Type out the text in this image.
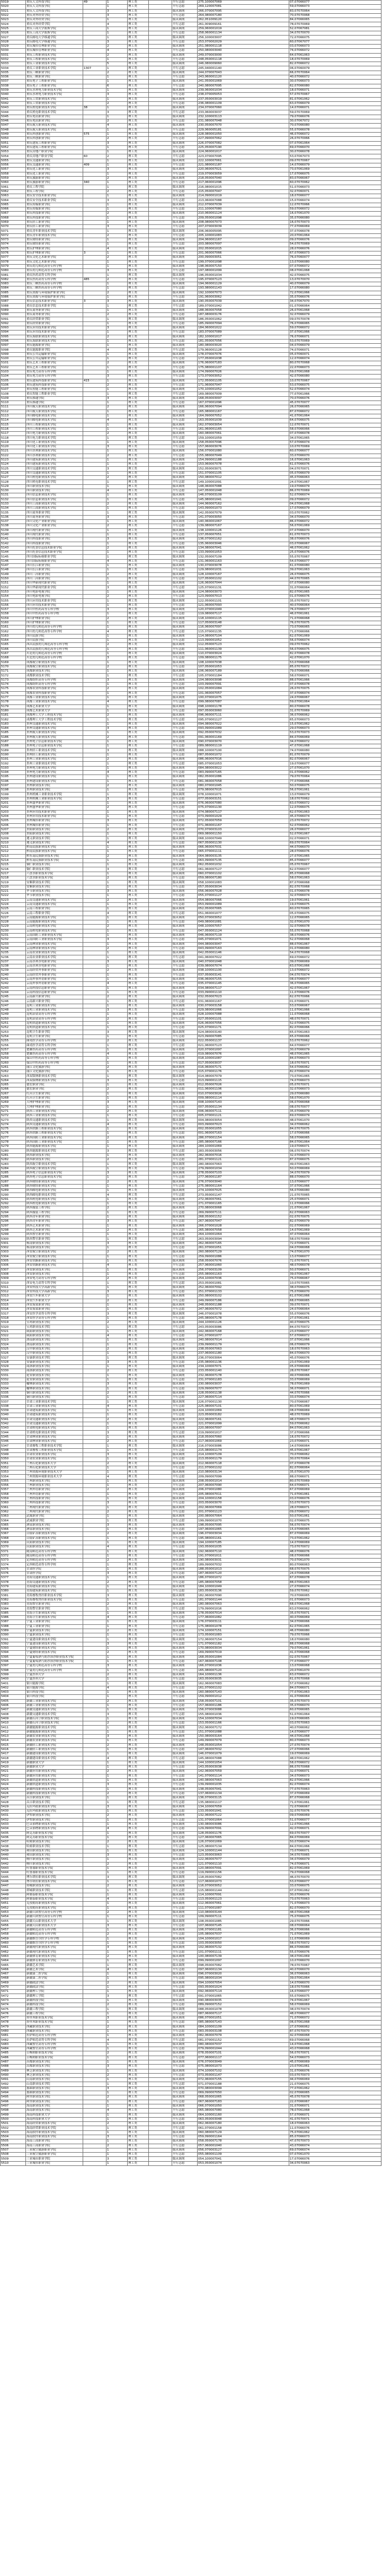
5019	重庆人文科技学院	49	1	理工类		平行志愿	275,100007069	07,07066077
5020	重庆人文科技学院		1	理工类		平行志愿	269,120007081	59,07066073
5021	重庆人文科技学院		3	理工类		服从调剂	266,070007095	83,07070064
5022	重庆对外经贸学院		3	理工类		平行志愿	264,080007180	70,07070068
5023	重庆对外经贸学院		1	理工类		服从调剂	262,051009120	84,07066065
5024	重庆对外经贸学院		4	理工类		平行志愿	261,009009161	78,07070069
5025	重庆工商大学派斯学院		1	理工类		服从调剂	259,060001019	52,07067081
5026	重庆工商大学派斯学院		1	理工类		平行志愿	258,060001134	34,07070070
5027	重庆邮电大学移通学院		1	理工类		服从调剂	256,100003007	72,07066075
5028	重庆邮电大学移通学院		3	理工类		平行志愿	253,070002029	60,07067077
5029	重庆城市管理职业学院		2	理工类		服从调剂	251,080001118	03,07066073
5030	重庆城市管理职业学院		4	理工类		平行志愿	250,080003040	74,07066072
5031	重庆工程职业技术学院		2	理工类		服从调剂	249,070003000	64,07061063
5032	重庆工程职业技术学院		1	理工类		平行志愿	248,050001118	18,07070069
5033	重庆工业职业技术学院		5	理工类		服从调剂	246,080009060	82,07066072
5034	重庆工业职业技术学院	1307	1	理工类		平行志愿	245,040001140	06,07060079
5035	重庆三峡职业学院		2	理工类		服从调剂	244,070007043	66,07070064
5036	重庆三峡职业学院		1	理工类		平行志愿	243,060001120	40,07066072
5037	重庆电子工程职业学院		1	理工类		服从调剂	241,050001069	30,07066073
5038	重庆电子工程职业学院		6	理工类		平行志愿	240,080007095	62,07066080
5039	重庆水利电力职业技术学院		1	理工类		服从调剂	239,060001034	18,07066071
5040	重庆水利电力职业技术学院		3	理工类		平行志愿	238,070005053	57,07070067
5041	重庆工贸职业技术学院		1	理工类		服从调剂	237,050003019	81,07061062
5042	重庆工贸职业技术学院		2	理工类		平行志愿	236,080001109	63,07066079
5043	重庆机电职业技术学院	38	1	理工类		服从调剂	234,070007060	14,07066071
5044	重庆机电职业技术学院		3	理工类		平行志愿	233,060003037	59,07070069
5045	重庆电讯职业学院		1	理工类		服从调剂	232,100003113	79,07066076
5046	重庆电讯职业学院		2	理工类		平行志愿	231,080007048	30,07067072
5047	重庆航天职业技术学院		4	理工类		服从调剂	230,050007070	70,07066080
5048	重庆航天职业技术学院		1	理工类		平行志愿	229,060005181	55,07066078
5049	重庆科创职业学院	575	1	理工类		服从调剂	228,080001050	46,07066072
5050	重庆科创职业学院		2	理工类		平行志愿	227,090007062	26,07070066
5051	重庆建筑工程职业学院		3	理工类		服从调剂	226,070007082	07,07061064
5052	重庆建筑工程职业学院		1	理工类		平行志愿	225,050007190	69,07066070
5053	重庆房地产职业学院		1	理工类		服从调剂	224,060001017	30,07066078
5054	重庆房地产职业学院	60	2	理工类		平行志愿	223,070007095	53,07067073
5055	重庆交通职业学院		1	理工类		服从调剂	222,100007061	09,07070067
5056	重庆交通职业学院	409	1	理工类		平行志愿	221,080001187	14,07066079
5057	重庆化工职业学院		3	理工类		服从调剂	220,060007021	73,07061069
5058	重庆化工职业学院		1	理工类		平行志愿	219,070003059	17,07066075
5059	重庆旅游职业学院		2	理工类		服从调剂	218,050007040	83,07066067
5060	重庆旅游职业学院	340	1	理工类		平行志愿	217,060001096	60,07070062
5061	重庆工程学院		1	理工类		服从调剂	216,080001015	51,07066073
5062	重庆工程学院		2	理工类		平行志愿	215,050007047	32,07060071
5063	重庆安全技术职业学院		1	理工类		服从调剂	214,090001019	18,07066077
5064	重庆安全技术职业学院		3	理工类		平行志愿	213,060007088	15,07066074
5065	重庆传媒职业学院		1	理工类		服从调剂	212,070007039	12,07070066
5066	重庆传媒职业学院		1	理工类		平行志愿	211,100007080	59,07066072
5067	重庆科技职业学院		2	理工类		服从调剂	210,060001124	16,07061070
5068	重庆科技职业学院		1	理工类		平行志愿	209,050001098	35,07066080
5069	重庆轻工职业学院		1	理工类		服从调剂	208,080007073	16,07070073
5070	重庆轻工职业学院		3	理工类		平行志愿	207,070003039	77,07066069
5071	重庆青年职业技术学院		1	理工类		服从调剂	206,060005095	37,07066078
5072	重庆青年职业技术学院		2	理工类		平行志愿	205,100001083	20,07061064
5073	重庆财经职业学院		1	理工类		服从调剂	204,060001167	09,07066076
5074	重庆财经职业学院		1	理工类		平行志愿	203,080007097	54,07070069
5075	重庆护理职业学院		4	理工类		服从调剂	202,050001015	28,07066076
5076	重庆护理职业学院	3	1	理工类		平行志愿	201,060007066	67,07066073
5077	重庆文化艺术职业学院		2	理工类		服从调剂	200,090003051	76,07060077
5078	重庆文化艺术职业学院		1	理工类		平行志愿	199,070001098	13,07066080
5079	重庆幼儿师范高等专科学校		1	理工类		服从调剂	198,060007150	07,07066072
5080	重庆幼儿师范高等专科学校		3	理工类		平行志愿	197,080001099	08,07061068
5081	重庆医药高等专科学校		1	理工类		服从调剂	196,050001034	42,07066075
5082	重庆医药高等专科学校	485	2	理工类		平行志愿	195,070007123	13,07070070
5083	重庆三峡医药高等专科学校		1	理工类		服从调剂	194,060001129	40,07066079
5084	重庆三峡医药高等专科学校		1	理工类		平行志愿	193,080001143	17,07066080
5085	重庆资源与环境保护职业学院		2	理工类		服从调剂	192,100007073	72,07061066
5086	重庆资源与环境保护职业学院		1	理工类		平行志愿	191,060003062	35,07066076
5087	重庆信息技术职业学院	3	3	理工类		服从调剂	190,050007039	34,07067070
5088	重庆信息技术职业学院		1	理工类		平行志愿	189,070001042	01,07066064
5089	重庆商务职业学院		1	理工类		服从调剂	188,060007058	26,07061068
5090	重庆商务职业学院		2	理工类		平行志愿	187,080003176	32,07066079
5091	重庆经贸职业学院		1	理工类		服从调剂	186,050001062	09,07070078
5092	重庆经贸职业学院		1	理工类		平行志愿	185,090007094	76,07066065
5093	重庆应用技术职业学院		3	理工类		服从调剂	184,060001022	59,07066072
5094	重庆应用技术职业学院		1	理工类		平行志愿	183,070007089	37,07061066
5095	重庆海联职业技术学院		2	理工类		服从调剂	182,100001017	76,07066071
5096	重庆海联职业技术学院		1	理工类		平行志愿	181,050007056	53,07070069
5097	重庆能源职业学院		1	理工类		服从调剂	180,080003020	04,07066079
5098	重庆能源职业学院		4	理工类		平行志愿	179,060001128	74,07066071
5099	重庆公共运输职业学院		1	理工类		服从调剂	178,070007076	05,07060071
5100	重庆公共运输职业学院		1	理工类		平行志愿	177,050001038	12,07066074
5101	重庆艺术工程职业学院		2	理工类		服从调剂	176,060007183	80,07070068
5102	重庆艺术工程职业学院		1	理工类		平行志愿	175,080001107	22,07066073
5103	重庆电力高等专科学校		1	理工类		服从调剂	174,090007026	59,07061068
5104	重庆电力高等专科学校		3	理工类		平行志愿	173,070003052	42,07066080
5105	重庆建筑科技职业学院	415	1	理工类		服从调剂	172,050001105	10,07070067
5106	重庆建筑科技职业学院		2	理工类		平行志愿	171,060007047	53,07066075
5107	重庆智能工程职业学院		1	理工类		服从调剂	170,100001052	52,07066074
5108	重庆智能工程职业学院		1	理工类		平行志愿	169,080007009	77,07061066
5109	重庆移通学院		3	理工类		服从调剂	168,050003097	70,07066076
5110	重庆移通学院		1	理工类		平行志愿	167,070001096	45,07070077
5111	四川航天职业技术学院		2	理工类		服从调剂	166,060007094	26,07066065
5112	四川航天职业技术学院		1	理工类		平行志愿	165,080001167	87,07066072
5113	四川邮电职业技术学院		1	理工类		服从调剂	164,090007052	41,07061064
5114	四川邮电职业技术学院		4	理工类		平行志愿	163,050001039	64,07066075
5115	四川工程职业技术学院		1	理工类		服从调剂	162,070003054	12,07070071
5116	四川工程职业技术学院		1	理工类		平行志愿	161,060001165	58,07066066
5117	四川电力职业技术学院		2	理工类		服从调剂	160,080007061	07,07066078
5118	四川电力职业技术学院		1	理工类		平行志愿	159,100001059	34,07061065
5119	四川化工职业技术学院		1	理工类		服从调剂	158,050007096	57,07066074
5120	四川化工职业技术学院		3	理工类		平行志愿	157,060003076	10,07070069
5121	四川水利职业技术学院		1	理工类		服从调剂	156,070001080	60,07066077
5122	四川水利职业技术学院		2	理工类		平行志愿	155,080007049	33,07066070
5123	四川建筑职业技术学院		1	理工类		服从调剂	154,090001188	16,07061063
5124	四川建筑职业技术学院		1	理工类		平行志愿	153,060007078	61,07066076
5125	四川交通职业技术学院		3	理工类		服从调剂	152,050003071	04,07070071
5126	四川交通职业技术学院		1	理工类		平行志愿	151,070001105	05,07066079
5127	四川机电职业技术学院		2	理工类		服从调剂	150,080007012	45,07066063
5128	四川机电职业技术学院		1	理工类		平行志愿	149,100001091	24,07061067
5129	四川职业技术学院		1	理工类		服从调剂	148,060007088	19,07066079
5130	四川职业技术学院		4	理工类		平行志愿	147,050001048	86,07070069
5131	四川信息职业技术学院		1	理工类		服从调剂	146,070003109	52,07066074
5132	四川信息职业技术学院		1	理工类		平行志愿	145,080001041	09,07066072
5133	四川工商职业技术学院		2	理工类		服从调剂	144,060007162	04,07061068
5134	四川工商职业技术学院		1	理工类		平行志愿	143,090001073	17,07066079
5135	四川商务职业学院		1	理工类		服从调剂	142,050007079	03,07070062
5136	四川商务职业学院		3	理工类		平行志愿	141,070003050	34,07066070
5137	四川文化产业职业学院		1	理工类		服从调剂	140,060001067	86,07066072
5138	四川文化产业职业学院		2	理工类		平行志愿	139,080007167	56,07061069
5139	四川现代职业学院		1	理工类		服从调剂	138,100001126	07,07066070
5140	四川现代职业学院		1	理工类		平行志愿	137,050007051	61,07070073
5141	四川科技职业学院		3	理工类		服从调剂	136,070001162	38,07066076
5142	四川科技职业学院		1	理工类		平行志愿	135,060003046	03,07066067
5143	四川托普信息技术职业学院		2	理工类		服从调剂	134,080007041	46,07061062
5144	四川托普信息技术职业学院		1	理工类		平行志愿	133,090001053	25,07066076
5145	四川国际标榜职业学院		1	理工类		服从调剂	132,050007109	55,07070067
5146	四川国际标榜职业学院		4	理工类		平行志愿	131,060001163	54,07066077
5147	四川长江职业学院		1	理工类		服从调剂	130,070003078	61,07066080
5148	四川长江职业学院		1	理工类		平行志愿	129,080001031	39,07061063
5149	四川三河职业学院		2	理工类		服从调剂	128,100007167	26,07066075
5150	四川三河职业学院		1	理工类		平行志愿	127,050001102	44,07070065
5151	四川华新现代职业学院		1	理工类		服从调剂	126,060007044	07,07066080
5152	四川华新现代职业学院		3	理工类		平行志愿	125,070001131	31,07066064
5153	四川电影电视学院		1	理工类		服从调剂	124,080003073	82,07061065
5154	四川电影电视学院		2	理工类		平行志愿	123,090007013	01,07066076
5155	四川应用技术职业学院		1	理工类		服从调剂	122,050001101	35,07070072
5156	四川应用技术职业学院		1	理工类		平行志愿	121,060007093	40,07066064
5157	四川中医药高等专科学校		3	理工类		服从调剂	120,070001049	76,07066077
5158	四川中医药高等专科学校		1	理工类		平行志愿	119,080007117	46,07061061
5159	四川护理职业学院		2	理工类		服从调剂	118,100001115	71,07066068
5160	四川护理职业学院		1	理工类		平行志愿	117,050003148	76,07070075
5161	四川幼儿师范高等专科学校		1	理工类		服从调剂	116,060007097	73,07066065
5162	四川幼儿师范高等专科学校		4	理工类		平行志愿	115,070001135	71,07066066
5163	四川民族学院		1	理工类		服从调剂	114,080007104	62,07061069
5164	四川民族学院		1	理工类		平行志愿	113,090001052	56,07066074
5165	西昌民族幼儿师范高等专科学校		2	理工类		服从调剂	112,050007123	09,07070062
5166	西昌民族幼儿师范高等专科学校		1	理工类		平行志愿	111,060001139	56,07066075
5167	川北幼儿师范高等专科学校		1	理工类		服从调剂	110,070003024	82,07066078
5168	川北幼儿师范高等专科学校		3	理工类		平行志愿	109,080001175	42,07061070
5169	成都航空职业技术学院		1	理工类		服从调剂	108,100007038	53,07066068
5170	成都航空职业技术学院		2	理工类		平行志愿	107,050001053	85,07070072
5171	成都职业技术学院		1	理工类		服从调剂	106,060007189	79,07066066
5172	成都职业技术学院		1	理工类		平行志愿	105,070001184	58,07066071
5173	成都纺织高等专科学校		3	理工类		服从调剂	104,080003098	88,07061066
5174	成都纺织高等专科学校		1	理工类		平行志愿	103,090007091	07,07066078
5175	成都农业科技职业学院		2	理工类		服从调剂	102,050001084	26,07070075
5176	成都农业科技职业学院		1	理工类		平行志愿	101,060007057	37,07066074
5177	成都工业职业技术学院		1	理工类		服从调剂	100,070001075	24,07066067
5178	成都工业职业技术学院		4	理工类		平行志愿	099,080007087	59,07061064
5179	成都艺术职业大学		1	理工类		服从调剂	098,100001178	80,07066078
5180	成都艺术职业大学		1	理工类		平行志愿	097,050003060	31,07070069
5181	成都理工大学工程技术学院		2	理工类		服从调剂	096,060007111	36,07066062
5182	成都理工大学工程技术学院		1	理工类		平行志愿	095,070001127	65,07066073
5183	贵州交通职业技术学院		1	理工类		服从调剂	094,080007022	15,07061062
5184	贵州交通职业技术学院		3	理工类		平行志愿	093,090001089	29,07066073
5185	贵州航天职业技术学院		1	理工类		服从调剂	092,050007032	53,07070073
5186	贵州航天职业技术学院		2	理工类		平行志愿	091,060001169	84,07066069
5187	贵州电子信息职业技术学院		1	理工类		服从调剂	090,070003070	34,07066072
5188	贵州电子信息职业技术学院		1	理工类		平行志愿	089,080001119	47,07061068
5189	贵州轻工职业技术学院		3	理工类		服从调剂	088,100007100	74,07066080
5190	贵州轻工职业技术学院		1	理工类		平行志愿	087,050001072	81,07070079
5191	贵州工业职业技术学院		2	理工类		服从调剂	086,060007016	82,07066067
5192	贵州工业职业技术学院		1	理工类		平行志愿	085,070001053	19,07066077
5193	贵州电力职业技术学院		1	理工类		服从调剂	084,080003022	27,07061070
5194	贵州电力职业技术学院		4	理工类		平行志愿	083,090007165	01,07066062
5195	贵州建设职业技术学院		1	理工类		服从调剂	082,050001086	79,07070064
5196	贵州建设职业技术学院		1	理工类		平行志愿	081,060007058	77,07066066
5197	贵州职业技术学院		2	理工类		服从调剂	080,070001045	50,07066075
5198	贵州职业技术学院		1	理工类		平行志愿	079,080007015	56,07061061
5199	贵州机械工业职业技术学院		1	理工类		服从调剂	078,100001071	13,07066079
5200	贵州机械工业职业技术学院		3	理工类		平行志愿	077,050003151	18,07070062
5201	贵州盛华职业学院		1	理工类		服从调剂	076,060007080	63,07066072
5202	贵州盛华职业学院		2	理工类		平行志愿	075,070001130	12,07066075
5203	贵州应用技术职业学院		1	理工类		服从调剂	074,080007117	62,07061063
5204	贵州应用技术职业学院		1	理工类		平行志愿	073,090001029	45,07066074
5205	贵州城市职业学院		3	理工类		服从调剂	072,050007059	23,07070072
5206	贵州城市职业学院		1	理工类		平行志愿	071,060001167	52,07066062
5207	贵阳职业技术学院		2	理工类		服从调剂	070,070003103	26,07066077
5208	贵阳职业技术学院		1	理工类		平行志愿	069,080001150	52,07061067
5209	遵义职业技术学院		1	理工类		服从调剂	068,100007049	02,07066071
5210	遵义职业技术学院		4	理工类		平行志愿	067,050001130	69,07070064
5211	黔南民族职业技术学院		1	理工类		服从调剂	066,060007031	44,07066070
5212	黔南民族职业技术学院		1	理工类		平行志愿	065,070001111	28,07066076
5213	黔东南民族职业技术学院		2	理工类		服从调剂	064,080003135	27,07061065
5214	黔东南民族职业技术学院		1	理工类		平行志愿	063,090007135	85,07066077
5215	铜仁职业技术学院		1	理工类		服从调剂	062,050001032	05,07070067
5216	铜仁职业技术学院		3	理工类		平行志愿	061,060007127	62,07066077
5217	六盘水职业技术学院		1	理工类		服从调剂	060,070001102	85,07066068
5218	六盘水职业技术学院		2	理工类		平行志愿	059,080007180	58,07061063
5219	安顺职业技术学院		1	理工类		服从调剂	058,100001083	87,07066068
5220	安顺职业技术学院		1	理工类		平行志愿	057,050003034	82,07070068
5221	毕节职业技术学院		3	理工类		服从调剂	056,060007028	01,07066078
5222	毕节职业技术学院		1	理工类		平行志愿	055,070001127	32,07066074
5223	云南交通职业技术学院		2	理工类		服从调剂	054,080007066	19,07061061
5224	云南交通职业技术学院		1	理工类		平行志愿	053,090001089	19,07066075
5225	云南工程职业学院		1	理工类		服从调剂	052,050007065	60,07070065
5226	云南工程职业学院		4	理工类		平行志愿	051,060001077	05,07066075
5227	云南能源职业技术学院		1	理工类		服从调剂	050,070003052	12,07066065
5228	云南能源职业技术学院		1	理工类		平行志愿	049,080001081	32,07061070
5229	云南机电职业技术学院		2	理工类		服从调剂	048,100007057	32,07066078
5230	云南机电职业技术学院		1	理工类		平行志愿	047,050001124	55,07070068
5231	云南国防工业职业技术学院		1	理工类		服从调剂	046,060007119	38,07066076
5232	云南国防工业职业技术学院		3	理工类		平行志愿	045,070001071	52,07066068
5233	云南林业职业技术学院		1	理工类		服从调剂	044,080003047	88,07061067
5234	云南林业职业技术学院		2	理工类		平行志愿	043,090007163	01,07066080
5235	云南农业职业技术学院		1	理工类		服从调剂	042,050001146	54,07070068
5236	云南农业职业技术学院		1	理工类		平行志愿	041,060007022	69,07066072
5237	云南水利水电职业学院		3	理工类		服从调剂	040,070001048	39,07066069
5238	云南水利水电职业学院		1	理工类		平行志愿	039,080007074	63,07061066
5239	云南经贸外事职业学院		2	理工类		服从调剂	038,100001100	13,07066072
5240	云南经贸外事职业学院		1	理工类		平行志愿	037,050003141	04,07070074
5241	云南外事外语职业学院		1	理工类		服从调剂	036,060007155	08,07066077
5242	云南外事外语职业学院		4	理工类		平行志愿	035,070001145	36,07066065
5243	云南科技信息职业学院		1	理工类		服从调剂	034,080007117	42,07061067
5244	云南科技信息职业学院		1	理工类		平行志愿	033,090001110	11,07066076
5245	云南新兴职业学院		2	理工类		服从调剂	032,050007023	62,07070066
5246	云南新兴职业学院		1	理工类		平行志愿	031,060001167	01,07066071
5247	昆明工业职业技术学院		1	理工类		服从调剂	030,070003158	53,07066067
5248	昆明工业职业技术学院		3	理工类		平行志愿	029,080001066	11,07061066
5249	昆明冶金高等专科学校		1	理工类		服从调剂	028,100007088	11,07066068
5250	昆明冶金高等专科学校		2	理工类		平行志愿	027,050001101	48,07070071
5251	昆明铁道职业技术学院		1	理工类		服从调剂	026,060007056	52,07066075
5252	昆明铁道职业技术学院		1	理工类		平行志愿	025,070001171	82,07066066
5253	昆明卫生职业学院		3	理工类		服从调剂	024,080003140	65,07061063
5254	昆明卫生职业学院		1	理工类		平行志愿	023,090007085	65,07066066
5255	曲靖医学高等专科学校		2	理工类		服从调剂	022,050001137	53,07070062
5256	曲靖医学高等专科学校		1	理工类		平行志愿	021,060007123	64,07066077
5257	楚雄医药高等专科学校		1	理工类		服从调剂	020,070001097	30,07066079
5258	楚雄医药高等专科学校		4	理工类		平行志愿	019,080007076	48,07061065
5259	保山中医药高等专科学校		1	理工类		服从调剂	018,100001087	84,07066073
5260	保山中医药高等专科学校		1	理工类		平行志愿	017,050003037	18,07070071
5261	丽江文化旅游学院		2	理工类		服从调剂	016,060007171	54,07066062
5262	丽江文化旅游学院		1	理工类		平行志愿	015,070001176	82,07066074
5263	西双版纳职业技术学院		1	理工类		服从调剂	014,080007079	73,07061065
5264	西双版纳职业技术学院		3	理工类		平行志愿	013,090001115	74,07066073
5265	德宏职业学院		1	理工类		服从调剂	012,050007026	05,07070071
5266	德宏职业学院		2	理工类		平行志愿	011,060001106	32,07066073
5267	红河卫生职业学院		1	理工类		服从调剂	010,070003026	29,07066080
5268	红河卫生职业学院		1	理工类		平行志愿	009,080001114	58,07061070
5269	大理护理职业学院		3	理工类		服从调剂	008,100007143	06,07066068
5270	大理护理职业学院		1	理工类		平行志愿	007,050001134	08,07070077
5271	陕西工业职业技术学院		2	理工类		服从调剂	006,060007111	35,07066079
5272	陕西工业职业技术学院		1	理工类		平行志愿	005,070001121	69,07066079
5273	陕西交通职业技术学院		1	理工类		服从调剂	004,080003054	48,07061070
5274	陕西交通职业技术学院		4	理工类		平行志愿	003,090007023	34,07066062
5275	陕西铁路工程职业技术学院		1	理工类		服从调剂	002,050001055	84,07070075
5276	陕西铁路工程职业技术学院		1	理工类		平行志愿	001,060007163	17,07066066
5277	陕西国防工业职业技术学院		2	理工类		服从调剂	286,070001154	58,07066065
5278	陕西国防工业职业技术学院		1	理工类		平行志愿	285,080007166	84,07061064
5279	陕西能源职业技术学院		1	理工类		服从调剂	284,100001069	19,07066071
5280	陕西能源职业技术学院		3	理工类		平行志愿	283,050003056	06,07070074
5281	陕西职业技术学院		1	理工类		服从调剂	282,060007016	32,07066073
5282	陕西职业技术学院		2	理工类		平行志愿	281,070001121	87,07066075
5283	陕西航空职业技术学院		1	理工类		服从调剂	280,080007063	49,07061063
5284	陕西航空职业技术学院		1	理工类		平行志愿	279,090001034	50,07066069
5285	陕西电子信息职业技术学院		3	理工类		服从调剂	278,050007103	34,07070079
5286	陕西电子信息职业技术学院		1	理工类		平行志愿	277,060001187	88,07066070
5287	陕西财经职业技术学院		2	理工类		服从调剂	276,070003040	13,07066077
5288	陕西财经职业技术学院		1	理工类		平行志愿	275,080001164	37,07061066
5289	陕西邮电职业技术学院		1	理工类		服从调剂	274,100007025	56,07066080
5290	陕西邮电职业技术学院		4	理工类		平行志愿	273,050001147	21,07070065
5291	陕西机电职业技术学院		1	理工类		服从调剂	272,060007061	25,07066071
5292	陕西机电职业技术学院		1	理工类		平行志愿	271,070001165	11,07066066
5293	陕西服装工程学院		2	理工类		服从调剂	270,080003068	21,07061067
5294	陕西服装工程学院		1	理工类		平行志愿	269,090007111	62,07066063
5295	陕西青年职业学院		1	理工类		服从调剂	268,050001152	02,07070075
5296	陕西青年职业学院		3	理工类		平行志愿	267,060007047	82,07066079
5297	陕西艺术职业学院		1	理工类		服从调剂	266,070001028	02,07066069
5298	陕西艺术职业学院		2	理工类		平行志愿	265,080007058	14,07061069
5299	陕西警官职业学院		1	理工类		服从调剂	264,100001064	47,07066064
5300	陕西警官职业学院		1	理工类		平行志愿	263,050003094	58,07070069
5301	杨凌职业技术学院		3	理工类		服从调剂	262,060007165	72,07066071
5302	杨凌职业技术学院		1	理工类		平行志愿	261,070001051	04,07066068
5303	西安航空职业技术学院		2	理工类		服从调剂	260,080007129	74,07061070
5304	西安航空职业技术学院		1	理工类		平行志愿	259,090001086	13,07066077
5305	西安铁路职业技术学院		1	理工类		服从调剂	258,050007076	72,07070071
5306	西安铁路职业技术学院		4	理工类		平行志愿	257,060001060	48,07066078
5307	西安职业技术学院		1	理工类		服从调剂	256,070003109	50,07066071
5308	西安职业技术学院		1	理工类		平行志愿	255,080001163	39,07061067
5309	西安电力高等专科学校		2	理工类		服从调剂	254,100007036	75,07066067
5310	西安电力高等专科学校		1	理工类		平行志愿	253,050001081	10,07070065
5311	西安科技大学高新学院		1	理工类		服从调剂	252,060007092	38,07066075
5312	西安科技大学高新学院		3	理工类		平行志愿	251,070001133	75,07066070
5313	西安汽车职业大学		1	理工类		服从调剂	250,080003102	61,07061066
5314	西安汽车职业大学		2	理工类		平行志愿	249,090007186	68,07066065
5315	西安海棠职业学院		1	理工类		服从调剂	248,050001188	39,07070071
5316	西安海棠职业学院		1	理工类		平行志愿	247,060007072	24,07066064
5317	西安医学高等专科学校		3	理工类		服从调剂	246,070001078	55,07066076
5318	西安医学高等专科学校		1	理工类		平行志愿	245,080007178	27,07061061
5319	宝鸡职业技术学院		2	理工类		服从调剂	244,100001126	40,07066075
5320	宝鸡职业技术学院		1	理工类		平行志愿	243,050003086	84,07070072
5321	咸阳职业技术学院		1	理工类		服从调剂	242,060007168	23,07066077
5322	咸阳职业技术学院		4	理工类		平行志愿	241,070001077	57,07066072
5323	渭南职业技术学院		1	理工类		服从调剂	240,080007014	37,07061066
5324	渭南职业技术学院		1	理工类		平行志愿	239,090001179	06,07066079
5325	汉中职业技术学院		2	理工类		服从调剂	238,050007063	18,07070063
5326	汉中职业技术学院		1	理工类		平行志愿	237,060001180	84,07066070
5327	安康职业技术学院		1	理工类		服从调剂	236,070003064	45,07066076
5328	安康职业技术学院		3	理工类		平行志愿	235,080001136	23,07061069
5329	商洛职业技术学院		1	理工类		服从调剂	234,100007071	05,07066069
5330	商洛职业技术学院		2	理工类		平行志愿	233,050001140	28,07070067
5331	延安职业技术学院		1	理工类		服从调剂	232,060007178	49,07066066
5332	延安职业技术学院		1	理工类		平行志愿	231,070001183	33,07066069
5333	榆林职业技术学院		3	理工类		服从调剂	230,080003037	78,07061069
5334	榆林职业技术学院		1	理工类		平行志愿	229,090007077	36,07066071
5335	铜川职业技术学院		2	理工类		服从调剂	228,050001138	44,07070066
5336	铜川职业技术学院		1	理工类		平行志愿	227,060007114	33,07066074
5337	甘肃工业职业技术学院		1	理工类		服从调剂	226,070001130	70,07066067
5338	甘肃工业职业技术学院		4	理工类		平行志愿	225,080007101	80,07061069
5339	甘肃建筑职业技术学院		1	理工类		服从调剂	224,100001069	08,07066069
5340	甘肃建筑职业技术学院		1	理工类		平行志愿	223,050003182	48,07070069
5341	甘肃交通职业技术学院		2	理工类		服从调剂	222,060007161	48,07066073
5342	甘肃交通职业技术学院		1	理工类		平行志愿	221,070001099	59,07066062
5343	甘肃机电职业技术学院		1	理工类		服从调剂	220,080007097	84,07061063
5344	甘肃机电职业技术学院		3	理工类		平行志愿	219,090001017	37,07066066
5345	甘肃林业职业技术学院		1	理工类		服从调剂	218,050007060	16,07070072
5346	甘肃林业职业技术学院		2	理工类		平行志愿	217,060001069	23,07066071
5347	甘肃畜牧工程职业技术学院		1	理工类		服从调剂	216,070003086	14,07066064
5348	甘肃畜牧工程职业技术学院		1	理工类		平行志愿	215,080001174	45,07061067
5349	甘肃农业职业技术学院		3	理工类		服从调剂	214,100007109	70,07066062
5350	甘肃农业职业技术学院		1	理工类		平行志愿	213,050001179	30,07070064
5351	兰州石化职业技术大学		2	理工类		服从调剂	212,060007118	07,07066078
5352	兰州石化职业技术大学		1	理工类		平行志愿	211,070001102	82,07066064
5353	兰州资源环境职业技术大学		1	理工类		服从调剂	210,080003134	35,07061070
5354	兰州资源环境职业技术大学		4	理工类		平行志愿	209,090007099	88,07066071
5355	兰州职业技术学院		1	理工类		服从调剂	208,050001014	80,07070069
5356	兰州职业技术学院		1	理工类		平行志愿	207,060007090	64,07066071
5357	兰州外语职业学院		2	理工类		服从调剂	206,070001080	67,07066069
5358	兰州外语职业学院		1	理工类		平行志愿	205,080007011	71,07061061
5359	兰州科技职业学院		1	理工类		服从调剂	204,100001158	03,07066076
5360	兰州科技职业学院		3	理工类		平行志愿	203,050003070	53,07070073
5361	兰州现代职业学院		1	理工类		服从调剂	202,060007069	28,07066071
5362	兰州现代职业学院		2	理工类		平行志愿	201,070001123	09,07066072
5363	武威职业学院		1	理工类		服从调剂	200,080007064	50,07061061
5364	武威职业学院		1	理工类		平行志愿	199,090001070	02,07066075
5365	酒泉职业技术学院		3	理工类		服从调剂	198,050007095	56,07070074
5366	酒泉职业技术学院		1	理工类		平行志愿	197,060001065	15,07066065
5367	白银矿冶职业技术学院		2	理工类		服从调剂	196,070003034	87,07066069
5368	白银矿冶职业技术学院		1	理工类		平行志愿	195,080001161	73,07061062
5369	庆阳职业技术学院		1	理工类		服从调剂	194,100007185	14,07066069
5370	庆阳职业技术学院		4	理工类		平行志愿	193,050001035	73,07070072
5371	陇南师范高等专科学校		1	理工类		服从调剂	192,060007110	48,07066076
5372	陇南师范高等专科学校		1	理工类		平行志愿	191,070001011	08,07066066
5373	定西师范高等专科学校		2	理工类		服从调剂	190,080003031	70,07061070
5374	定西师范高等专科学校		1	理工类		平行志愿	189,090007032	80,07066063
5375	甘肃医学院		1	理工类		服从调剂	188,050001013	68,07070075
5376	甘肃医学院		3	理工类		平行志愿	187,060007120	24,07066068
5377	青海交通职业技术学院		1	理工类		服从调剂	186,070001072	67,07066078
5378	青海交通职业技术学院		2	理工类		平行志愿	185,080007058	88,07061063
5379	青海建筑职业技术学院		1	理工类		服从调剂	184,100001049	27,07066074
5380	青海建筑职业技术学院		1	理工类		平行志愿	183,050003136	59,07070062
5381	青海畜牧兽医职业技术学院		3	理工类		服从调剂	182,060007090	70,07066065
5382	青海畜牧兽医职业技术学院		1	理工类		平行志愿	181,070001144	01,07066073
5383	青海警官职业学院		2	理工类		服从调剂	180,080007063	68,07061068
5384	青海警官职业学院		1	理工类		平行志愿	179,090001016	63,07066062
5385	青海卫生职业技术学院		1	理工类		服从调剂	178,050007014	35,07070071
5386	青海卫生职业技术学院		4	理工类		平行志愿	177,060001082	40,07066069
5387	宁夏工业职业学院		1	理工类		服从调剂	176,070003111	34,07066066
5388	宁夏工业职业学院		1	理工类		平行志愿	175,080001078	62,07061065
5389	宁夏职业技术学院		2	理工类		服从调剂	174,100007151	46,07066080
5390	宁夏职业技术学院		1	理工类		平行志愿	173,050001083	79,07070066
5391	宁夏建设职业技术学院		1	理工类		服从调剂	172,060007154	18,07066080
5392	宁夏建设职业技术学院		3	理工类		平行志愿	171,070001182	88,07066068
5393	宁夏财经职业技术学院		1	理工类		服从调剂	170,080003034	79,07061061
5394	宁夏财经职业技术学院		2	理工类		平行志愿	169,090007019	41,07066068
5395	宁夏葡萄酒与防沙治沙职业技术学院		1	理工类		服从调剂	168,050001084	02,07070067
5396	宁夏葡萄酒与防沙治沙职业技术学院		1	理工类		平行志愿	167,060007108	77,07066077
5397	宁夏幼儿师范高等专科学校		3	理工类		服从调剂	166,070001036	13,07066068
5398	宁夏幼儿师范高等专科学校		1	理工类		平行志愿	165,080007120	20,07061070
5399	宁夏医科大学		2	理工类		服从调剂	164,100001136	63,07066072
5400	宁夏医科大学		1	理工类		平行志愿	163,050003035	61,07070068
5401	银川能源学院		1	理工类		服从调剂	162,060007083	57,07066062
5402	银川能源学院		4	理工类		平行志愿	161,070001102	84,07066071
5403	银川科技学院		1	理工类		服从调剂	160,080007143	77,07061063
5404	银川科技学院		1	理工类		平行志愿	159,090001012	41,07066064
5405	新疆工业职业技术学院		2	理工类		服从调剂	158,050007101	35,07070073
5406	新疆工业职业技术学院		1	理工类		平行志愿	157,060001186	35,07066070
5407	新疆交通职业技术学院		1	理工类		服从调剂	156,070003088	60,07066065
5408	新疆交通职业技术学院		3	理工类		平行志愿	155,080001036	51,07061064
5409	新疆石河子职业技术学院		1	理工类		服从调剂	154,100007034	19,07066065
5410	新疆石河子职业技术学院		2	理工类		平行志愿	153,050001166	03,07070063
5411	新疆能源职业技术学院		1	理工类		服从调剂	152,060007172	40,07066062
5412	新疆能源职业技术学院		1	理工类		平行志愿	151,070001088	14,07066077
5413	新疆农业职业技术学院		3	理工类		服从调剂	150,080003164	44,07061068
5414	新疆农业职业技术学院		1	理工类		平行志愿	149,090007079	80,07066073
5415	新疆轻工职业技术学院		2	理工类		服从调剂	148,050001054	27,07070074
5416	新疆轻工职业技术学院		1	理工类		平行志愿	147,060007032	27,07066066
5417	新疆建设职业技术学院		1	理工类		服从调剂	146,070001079	19,07066069
5418	新疆建设职业技术学院		4	理工类		平行志愿	145,080007088	48,07061062
5419	新疆职业大学		1	理工类		服从调剂	144,100001054	58,07066072
5420	新疆职业大学		1	理工类		平行志愿	143,050003038	86,07070068
5421	新疆应用职业技术学院		2	理工类		服从调剂	142,060007059	32,07066071
5422	新疆应用职业技术学院		1	理工类		平行志愿	141,070001114	34,07066073
5423	新疆铁道职业技术学院		1	理工类		服从调剂	140,080007063	82,07061066
5424	新疆铁道职业技术学院		3	理工类		平行志愿	139,090001035	82,07066074
5425	新疆科技职业技术学院		1	理工类		服从调剂	138,050007041	77,07070063
5426	新疆科技职业技术学院		2	理工类		平行志愿	137,060001134	37,07066069
5427	昌吉职业技术学院		1	理工类		服从调剂	136,070003115	87,07066068
5428	昌吉职业技术学院		1	理工类		平行志愿	135,080001117	71,07061061
5429	克拉玛依职业技术学院		3	理工类		服从调剂	134,100007059	72,07066067
5430	克拉玛依职业技术学院		1	理工类		平行志愿	133,050001041	32,07070076
5431	伊犁职业技术学院		2	理工类		服从调剂	132,060007122	09,07066069
5432	伊犁职业技术学院		1	理工类		平行志愿	131,070001064	51,07066077
5433	巴音郭楞职业技术学院		1	理工类		服从调剂	130,080003086	12,07061066
5434	巴音郭楞职业技术学院		4	理工类		平行志愿	129,090007091	42,07066071
5435	阿克苏职业技术学院		1	理工类		服从调剂	128,050001176	69,07070077
5436	阿克苏职业技术学院		1	理工类		平行志愿	127,060007065	84,07066069
5437	哈密职业技术学院		2	理工类		服从调剂	126,070001069	50,07066074
5438	哈密职业技术学院		1	理工类		平行志愿	125,080007134	84,07061066
5439	和田职业技术学院		1	理工类		服从调剂	124,100001144	73,07066071
5440	和田职业技术学院		3	理工类		平行志愿	123,050003063	34,07070065
5441	喀什职业技术学院		1	理工类		服从调剂	122,060007077	34,07066079
5442	喀什职业技术学院		2	理工类		平行志愿	121,070001110	74,07066071
5443	吐鲁番职业技术学院		1	理工类		服从调剂	120,080007091	82,07061069
5444	吐鲁番职业技术学院		1	理工类		平行志愿	119,090001156	79,07066068
5445	博尔塔拉职业技术学院		3	理工类		服从调剂	118,050007082	46,07070070
5446	博尔塔拉职业技术学院		1	理工类		平行志愿	117,060001073	53,07066077
5447	塔城职业技术学院		2	理工类		服从调剂	116,070003052	33,07066075
5448	塔城职业技术学院		1	理工类		平行志愿	115,080001144	07,07061062
5449	阿勒泰职业技术学院		1	理工类		服从调剂	114,100007091	30,07066076
5450	阿勒泰职业技术学院		4	理工类		平行志愿	113,050001123	73,07070063
5451	克孜勒苏职业技术学院		1	理工类		服从调剂	112,060007061	71,07066073
5452	克孜勒苏职业技术学院		1	理工类		平行志愿	111,070001087	82,07066070
5453	新疆兵团警官高等专科学校		2	理工类		服从调剂	110,080003144	48,07061068
5454	新疆兵团警官高等专科学校		1	理工类		平行志愿	109,090007111	75,07066075
5455	新疆天山职业技术大学		1	理工类		服从调剂	108,050001085	29,07070066
5456	新疆天山职业技术大学		3	理工类		平行志愿	107,060007145	08,07066064
5457	新疆师范高等专科学校		1	理工类		服从调剂	106,070001181	36,07066066
5458	新疆师范高等专科学校		2	理工类		平行志愿	105,080007037	71,07061069
5459	新疆维吾尔医学专科学校		1	理工类		服从调剂	104,100001017	11,07066069
5460	新疆维吾尔医学专科学校		1	理工类		平行志愿	103,050003050	58,07070072
5461	新疆现代职业技术学院		3	理工类		服从调剂	102,060007132	86,07066080
5462	新疆现代职业技术学院		1	理工类		平行志愿	101,070001111	55,07066076
5463	新疆体育职业技术学院		2	理工类		服从调剂	100,080007139	38,07061069
5464	新疆体育职业技术学院		1	理工类		平行志愿	099,090001097	10,07066070
5465	新疆艺术学院		1	理工类		服从调剂	098,050007082	78,07070067
5466	新疆艺术学院		4	理工类		平行志愿	097,060001134	40,07066070
5467	新疆第二医学院		1	理工类		服从调剂	096,070003020	36,07066063
5468	新疆第二医学院		1	理工类		平行志愿	095,080001034	39,07061064
5469	新疆政法学院		2	理工类		服从调剂	094,100007054	14,07066070
5470	新疆政法学院		1	理工类		平行志愿	093,050001024	18,07070066
5471	新疆理工学院		1	理工类		服从调剂	092,060007114	16,07066077
5472	新疆理工学院		3	理工类		平行志愿	091,070001065	55,07066075
5473	新疆科技学院		1	理工类		服从调剂	090,080003035	74,07061067
5474	新疆科技学院		2	理工类		平行志愿	089,090007152	58,07066069
5475	新疆工程学院		1	理工类		服从调剂	088,050001078	38,07070074
5476	新疆工程学院		1	理工类		平行志愿	087,060007117	48,07066077
5477	塔里木职业技术学院		3	理工类		服从调剂	086,070001051	71,07066072
5478	塔里木职业技术学院		1	理工类		平行志愿	085,080007143	06,07061068
5479	西藏职业技术学院		2	理工类		服从调剂	084,100001109	27,07066062
5480	西藏职业技术学院		1	理工类		平行志愿	083,050003108	87,07070070
5481	拉萨师范高等专科学校		1	理工类		服从调剂	082,060007079	42,07066068
5482	拉萨师范高等专科学校		4	理工类		平行志愿	081,070001152	69,07066068
5483	西藏警官高等专科学校		1	理工类		服从调剂	080,080007037	14,07061068
5484	西藏警官高等专科学校		1	理工类		平行志愿	079,090001044	43,07066068
5485	日喀则职业技术学院		2	理工类		服从调剂	078,050007101	56,07070071
5486	日喀则职业技术学院		1	理工类		平行志愿	077,060001117	54,07066073
5487	昌都职业技术学院		1	理工类		服从调剂	076,070003049	45,07066069
5488	昌都职业技术学院		3	理工类		平行志愿	075,080001073	23,07061061
5489	林芝职业技术学院		1	理工类		服从调剂	074,100007102	31,07066076
5490	林芝职业技术学院		2	理工类		平行志愿	073,050001147	03,07070073
5491	山南职业技术学院		1	理工类		服从调剂	072,060007155	44,07066069
5492	山南职业技术学院		1	理工类		平行志愿	071,070001188	21,07066075
5493	那曲职业技术学院		3	理工类		服从调剂	070,080003099	77,07061062
5494	那曲职业技术学院		1	理工类		平行志愿	069,090007050	02,07066065
5495	阿里职业技术学院		2	理工类		服从调剂	068,050001065	45,07070078
5496	阿里职业技术学院		1	理工类		平行志愿	067,060007183	22,07066067
5497	海南职业技术学院		1	理工类		服从调剂	066,070001050	31,07066071
5498	海南职业技术学院		4	理工类		平行志愿	065,080007080	78,07061068
5499	海南科技职业大学		1	理工类		服从调剂	064,100001160	57,07066071
5500	海南科技职业大学		1	理工类		平行志愿	063,050003048	41,07070071
5501	海南经贸职业技术学院		2	理工类		服从调剂	062,060007180	18,07066063
5502	海南经贸职业技术学院		1	理工类		平行志愿	061,070001158	11,07066076
5503	海南软件职业技术学院		1	理工类		服从调剂	060,080007129	75,07061062
5504	海南软件职业技术学院		3	理工类		平行志愿	059,090001164	85,07066073
5505	海南工商职业学院		1	理工类		服从调剂	058,050007178	47,07070073
5506	海南工商职业学院		2	理工类		平行志愿	057,060001040	43,07066074
5507	三亚航空旅游职业学院		1	理工类		服从调剂	056,070003127	69,07066074
5508	三亚航空旅游职业学院		1	理工类		平行志愿	055,080001109	07,07061070
5509	三亚城市职业学院		3	理工类		服从调剂	054,100007041	17,07066076
5510	三亚城市职业学院		1	理工类		平行志愿	053,050001074	34,07070063
